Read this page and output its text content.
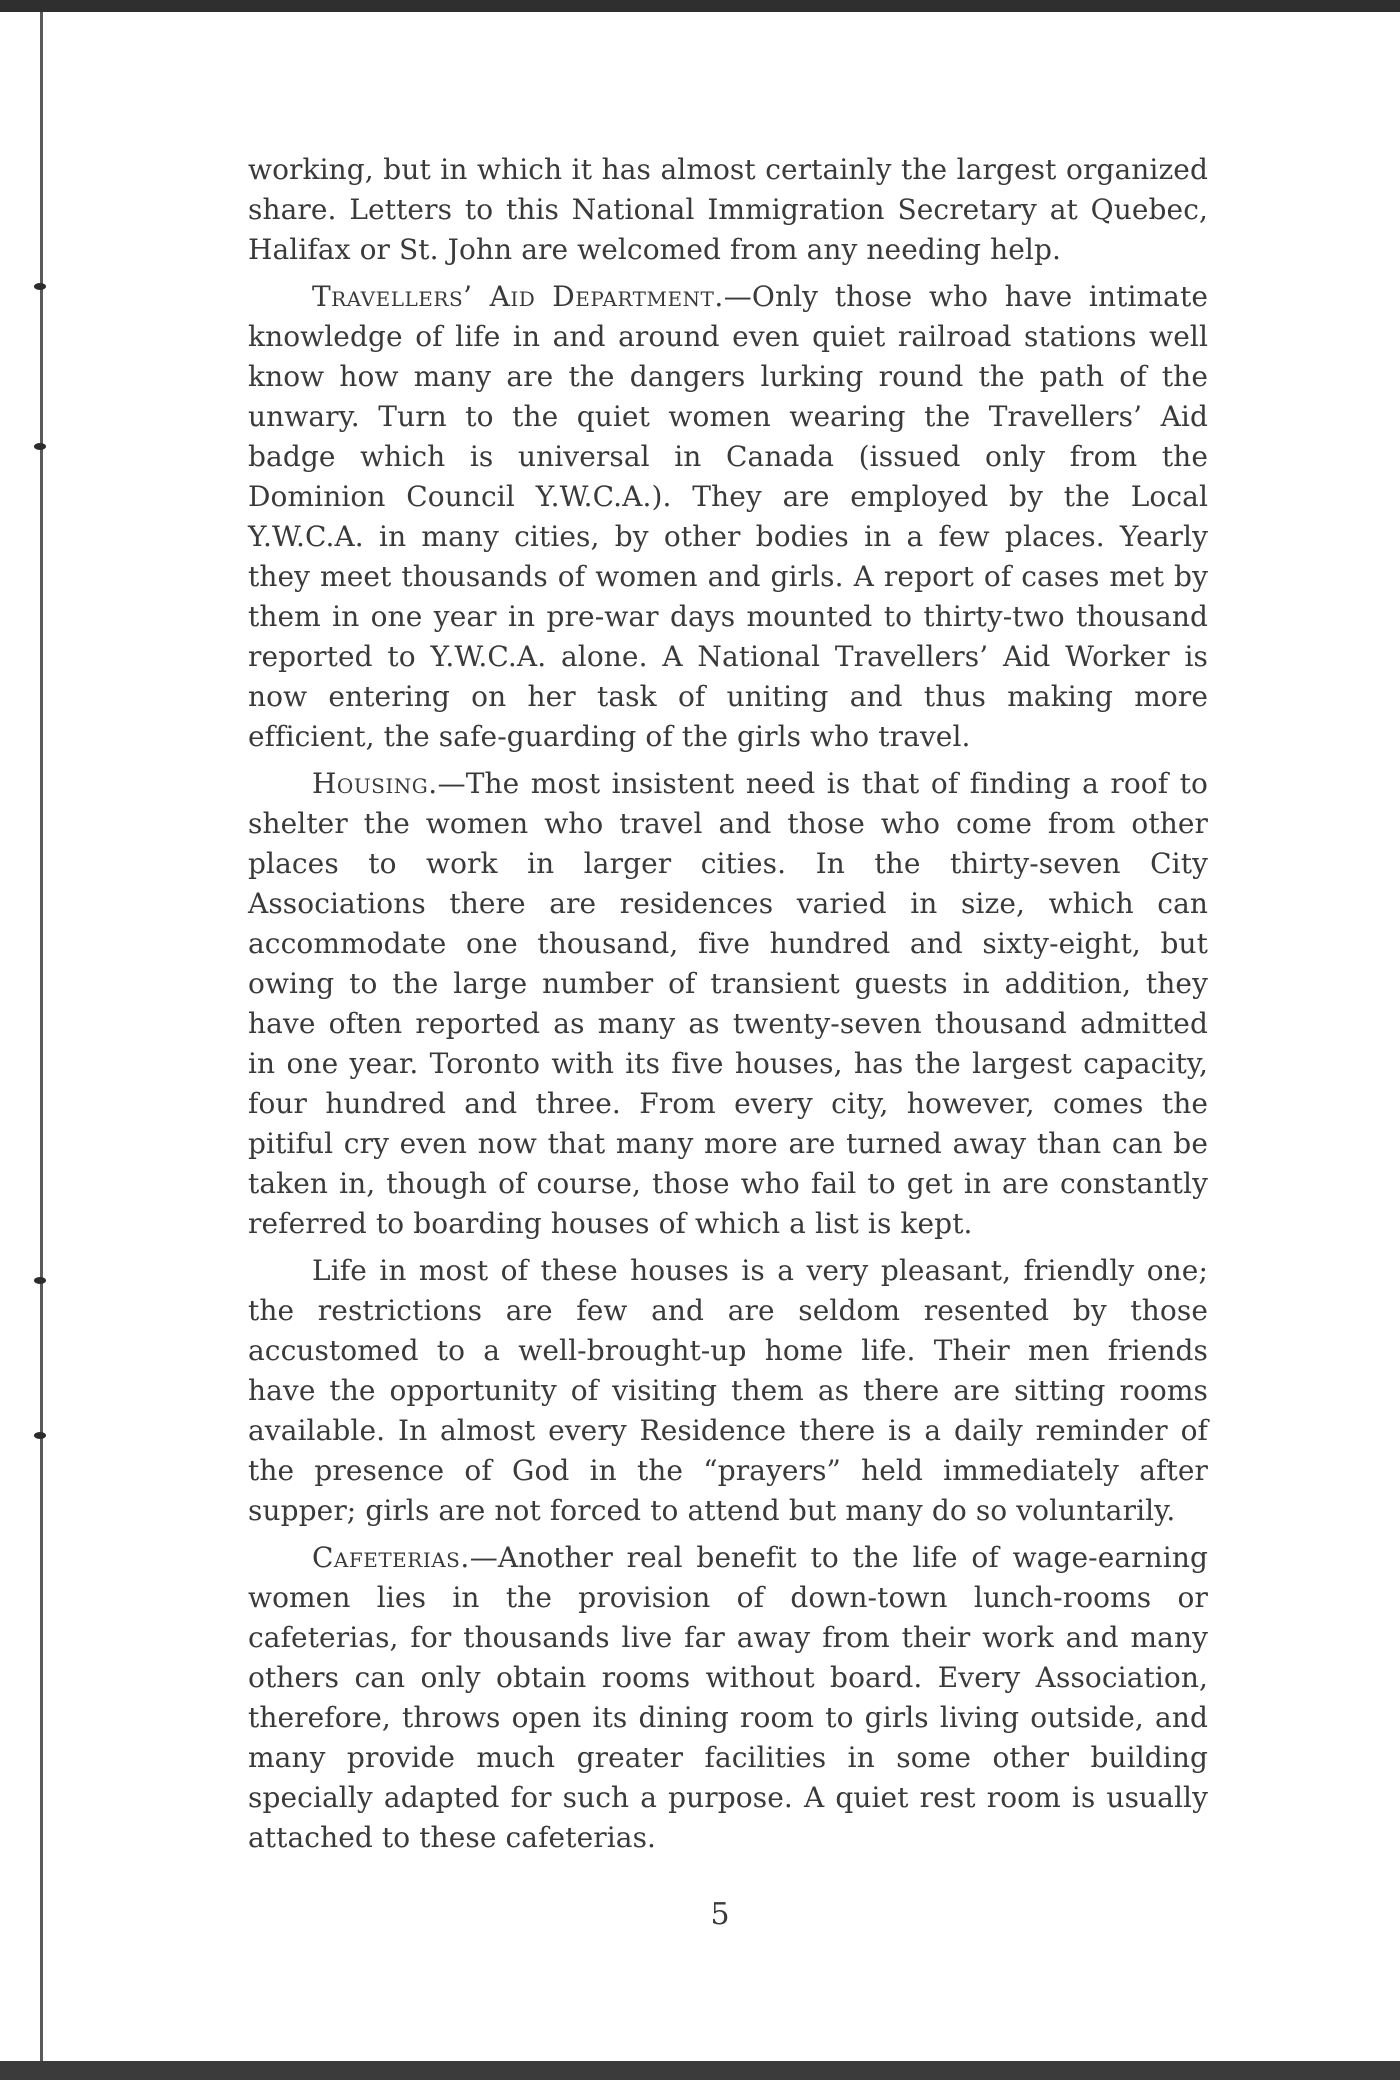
working, but in which it has almost certainly the largest organized share. Letters to this National Immigration Secretary at Quebec, Halifax or St. John are welcomed from any needing help.

Travellers’ Aid Department.—Only those who have intimate knowledge of life in and around even quiet railroad stations well know how many are the dangers lurking round the path of the unwary. Turn to the quiet women wearing the Travellers’ Aid badge which is universal in Canada (issued only from the Dominion Council Y.W.C.A.). They are employed by the Local Y.W.C.A. in many cities, by other bodies in a few places. Yearly they meet thousands of women and girls. A report of cases met by them in one year in pre-war days mounted to thirty-two thousand reported to Y.W.C.A. alone. A National Travellers’ Aid Worker is now entering on her task of uniting and thus making more efficient, the safe-guarding of the girls who travel.

Housing.—The most insistent need is that of finding a roof to shelter the women who travel and those who come from other places to work in larger cities. In the thirty-seven City Associations there are residences varied in size, which can accommodate one thousand, five hundred and sixty-eight, but owing to the large number of transient guests in addition, they have often reported as many as twenty-seven thousand admitted in one year. Toronto with its five houses, has the largest capacity, four hundred and three. From every city, however, comes the pitiful cry even now that many more are turned away than can be taken in, though of course, those who fail to get in are constantly referred to boarding houses of which a list is kept.

Life in most of these houses is a very pleasant, friendly one; the restrictions are few and are seldom resented by those accustomed to a well-brought-up home life. Their men friends have the opportunity of visiting them as there are sitting rooms available. In almost every Residence there is a daily reminder of the presence of God in the “prayers” held immediately after supper; girls are not forced to attend but many do so voluntarily.

Cafeterias.—Another real benefit to the life of wage-earning women lies in the provision of down-town lunch-rooms or cafeterias, for thousands live far away from their work and many others can only obtain rooms without board. Every Association, therefore, throws open its dining room to girls living outside, and many provide much greater facilities in some other building specially adapted for such a purpose. A quiet rest room is usually attached to these cafeterias.

5
